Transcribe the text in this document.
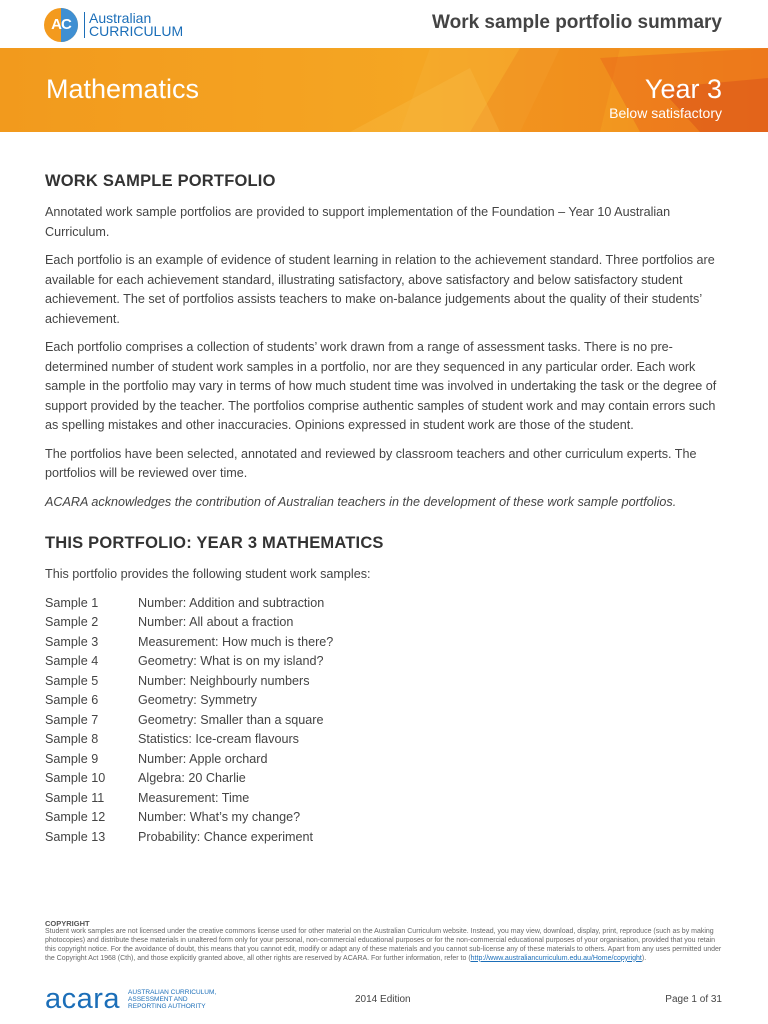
AC	Australian
CURRICULUM	Work sample portfolio summary
Mathematics	Year 3
Below satisfactory
WORK SAMPLE PORTFOLIO

Annotated work sample portfolios are provided to support implementation of the Foundation – Year 10 Australian Curriculum.

Each portfolio is an example of evidence of student learning in relation to the achievement standard. Three portfolios are available for each achievement standard, illustrating satisfactory, above satisfactory and below satisfactory student achievement. The set of portfolios assists teachers to make on-balance judgements about the quality of their students’ achievement.

Each portfolio comprises a collection of students’ work drawn from a range of assessment tasks. There is no pre-determined number of student work samples in a portfolio, nor are they sequenced in any particular order. Each work sample in the portfolio may vary in terms of how much student time was involved in undertaking the task or the degree of support provided by the teacher. The portfolios comprise authentic samples of student work and may contain errors such as spelling mistakes and other inaccuracies. Opinions expressed in student work are those of the student.

The portfolios have been selected, annotated and reviewed by classroom teachers and other curriculum experts. The portfolios will be reviewed over time.

ACARA acknowledges the contribution of Australian teachers in the development of these work sample portfolios.

THIS PORTFOLIO: YEAR 3 MATHEMATICS

This portfolio provides the following student work samples:

Sample 1	Number: Addition and subtraction
Sample 2	Number: All about a fraction
Sample 3	Measurement: How much is there?
Sample 4	Geometry: What is on my island?
Sample 5	Number: Neighbourly numbers
Sample 6	Geometry: Symmetry
Sample 7	Geometry: Smaller than a square
Sample 8	Statistics: Ice-cream flavours
Sample 9	Number: Apple orchard
Sample 10	Algebra: 20 Charlie
Sample 11	Measurement: Time
Sample 12	Number: What’s my change?
Sample 13	Probability: Chance experiment
COPYRIGHT
Student work samples are not licensed under the creative commons license used for other material on the Australian Curriculum website. Instead, you may view, download, display, print, reproduce (such as by making photocopies) and distribute these materials in unaltered form only for your personal, non-commercial educational purposes or for the non-commercial educational purposes of your organisation, provided that you retain this copyright notice. For the avoidance of doubt, this means that you cannot edit, modify or adapt any of these materials and you cannot sub-license any of these materials to others. Apart from any uses permitted under the Copyright Act 1968 (Cth), and those explicitly granted above, all other rights are reserved by ACARA. For further information, refer to (http://www.australiancurriculum.edu.au/Home/copyright).
acara AUSTRALIAN CURRICULUM,
ASSESSMENT AND
REPORTING AUTHORITY
2014 Edition	Page 1 of 31
